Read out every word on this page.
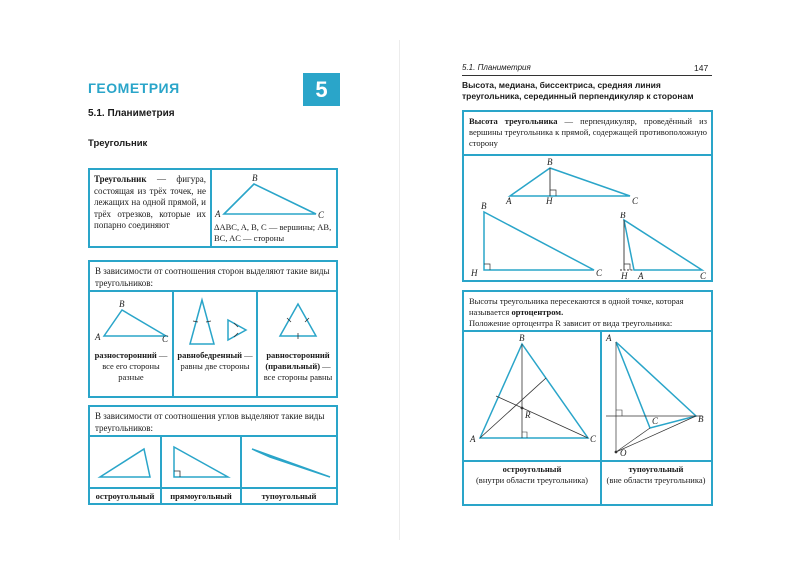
ГЕОМЕТРИЯ	5
5.1. Планиметрия
Треугольник
Треугольник — фигура, состоящая из трёх точек, не лежащих на одной прямой, и трёх отрезков, которые их попарно соединяют
A
B
C
ΔABC, A, B, C — вершины; AB, BC, AC — стороны
В зависимости от соотношения сторон выделяют такие виды треугольников:
A
B
C
разносторонний — все его стороны разные
равнобедренный — равны две стороны
равносторонний (правильный) — все стороны равны
В зависимости от соотношения углов выделяют такие виды треугольников:
остроугольный	прямоугольный	тупоугольный
5.1. Планиметрия	147
Высота, медиана, биссектриса, средняя линия треугольника, серединный перпендикуляр к сторонам
Высота треугольника — перпендикуляр, проведённый из вершины треугольника к прямой, содержащей противоположную сторону
A
B
H	C
B
H	C
B
H A	C
Высоты треугольника пересекаются в одной точке, которая называется ортоцентром.
Положение ортоцентра R зависит от вида треугольника:
A
B
C
R
A
B
C
O
остроугольный
(внутри области треугольника)
тупоугольный
(вне области треугольника)
